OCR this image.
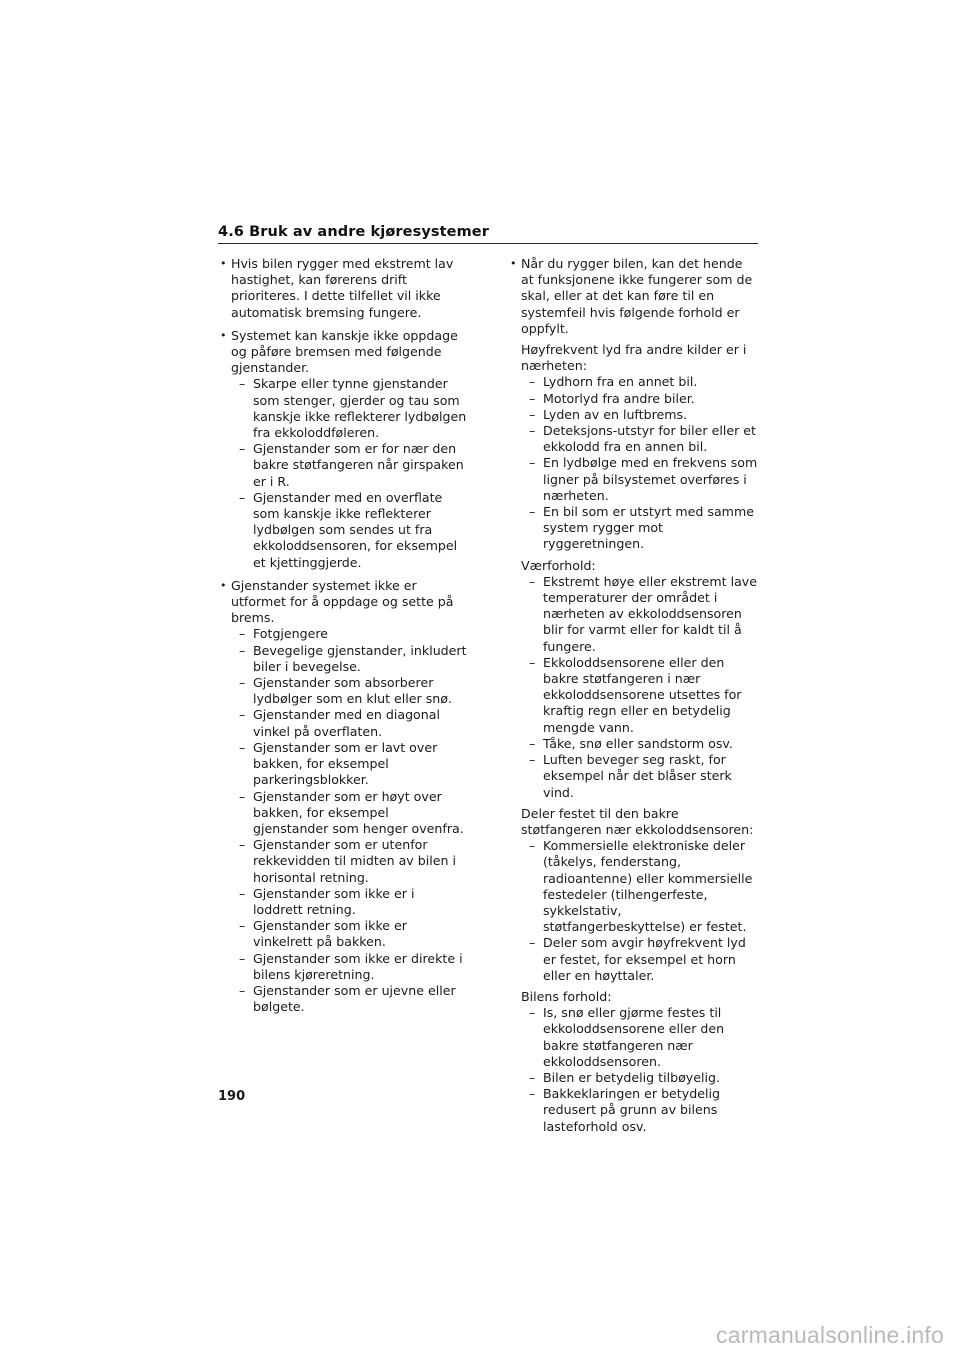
4.6 Bruk av andre kjøresystemer
• Hvis bilen rygger med ekstremt lav hastighet, kan førerens drift prioriteres. I dette tilfellet vil ikke automatisk bremsing fungere.
• Systemet kan kanskje ikke oppdage og påføre bremsen med følgende gjenstander.
– Skarpe eller tynne gjenstander som stenger, gjerder og tau som kanskje ikke reflekterer lydbølgen fra ekkoloddføleren.
– Gjenstander som er for nær den bakre støtfangeren når girspaken er i R.
– Gjenstander med en overflate som kanskje ikke reflekterer lydbølgen som sendes ut fra ekkoloddsensoren, for eksempel et kjettinggjerde.
• Gjenstander systemet ikke er utformet for å oppdage og sette på brems.
– Fotgjengere
– Bevegelige gjenstander, inkludert biler i bevegelse.
– Gjenstander som absorberer lydbølger som en klut eller snø.
– Gjenstander med en diagonal vinkel på overflaten.
– Gjenstander som er lavt over bakken, for eksempel parkeringsblokker.
– Gjenstander som er høyt over bakken, for eksempel gjenstander som henger ovenfra.
– Gjenstander som er utenfor rekkevidden til midten av bilen i horisontal retning.
– Gjenstander som ikke er i loddrett retning.
– Gjenstander som ikke er vinkelrett på bakken.
– Gjenstander som ikke er direkte i bilens kjøreretning.
– Gjenstander som er ujevne eller bølgete.
• Når du rygger bilen, kan det hende at funksjonene ikke fungerer som de skal, eller at det kan føre til en systemfeil hvis følgende forhold er oppfylt.
Høyfrekvent lyd fra andre kilder er i nærheten:
– Lydhorn fra en annet bil.
– Motorlyd fra andre biler.
– Lyden av en luftbrems.
– Deteksjons-utstyr for biler eller et ekkolodd fra en annen bil.
– En lydbølge med en frekvens som ligner på bilsystemet overføres i nærheten.
– En bil som er utstyrt med samme system rygger mot ryggeretningen.
Værforhold:
– Ekstremt høye eller ekstremt lave temperaturer der området i nærheten av ekkoloddsensoren blir for varmt eller for kaldt til å fungere.
– Ekkoloddsensorene eller den bakre støtfangeren i nær ekkoloddsensorene utsettes for kraftig regn eller en betydelig mengde vann.
– Tåke, snø eller sandstorm osv.
– Luften beveger seg raskt, for eksempel når det blåser sterk vind.
Deler festet til den bakre støtfangeren nær ekkoloddsensoren:
– Kommersielle elektroniske deler (tåkelys, fenderstang, radioantenne) eller kommersielle festedeler (tilhengerfeste, sykkelstativ, støtfangerbeskyttelse) er festet.
– Deler som avgir høyfrekvent lyd er festet, for eksempel et horn eller en høyttaler.
Bilens forhold:
– Is, snø eller gjørme festes til ekkoloddsensorene eller den bakre støtfangeren nær ekkoloddsensoren.
– Bilen er betydelig tilbøyelig.
– Bakkeklaringen er betydelig redusert på grunn av bilens lasteforhold osv.
190
carmanualsonline.info
